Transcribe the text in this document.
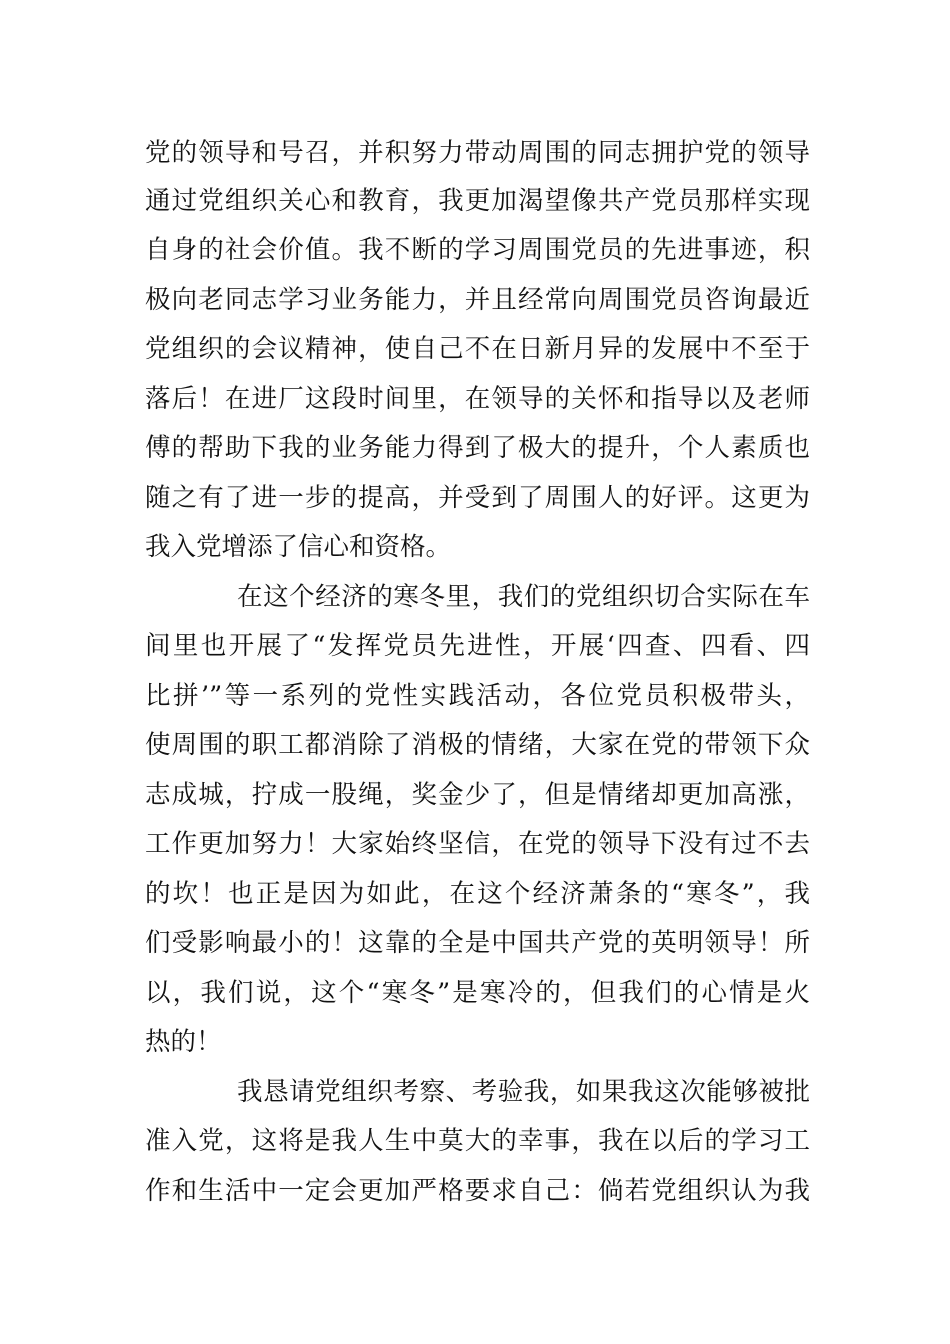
党的领导和号召，并积努力带动周围的同志拥护党的领导
通过党组织关心和教育，我更加渴望像共产党员那样实现
自身的社会价值。我不断的学习周围党员的先进事迹，积
极向老同志学习业务能力，并且经常向周围党员咨询最近
党组织的会议精神，使自己不在日新月异的发展中不至于
落后！在进厂这段时间里，在领导的关怀和指导以及老师
傅的帮助下我的业务能力得到了极大的提升，个人素质也
随之有了进一步的提高，并受到了周围人的好评。这更为
我入党增添了信心和资格。
在这个经济的寒冬里，我们的党组织切合实际在车
间里也开展了“发挥党员先进性，开展‘四查、四看、四
比拼’”等一系列的党性实践活动，各位党员积极带头，
使周围的职工都消除了消极的情绪，大家在党的带领下众
志成城，拧成一股绳，奖金少了，但是情绪却更加高涨，
工作更加努力！大家始终坚信，在党的领导下没有过不去
的坎！也正是因为如此，在这个经济萧条的“寒冬”，我
们受影响最小的！这靠的全是中国共产党的英明领导！所
以，我们说，这个“寒冬”是寒冷的，但我们的心情是火
热的！
我恳请党组织考察、考验我，如果我这次能够被批
准入党，这将是我人生中莫大的幸事，我在以后的学习工
作和生活中一定会更加严格要求自己：倘若党组织认为我
